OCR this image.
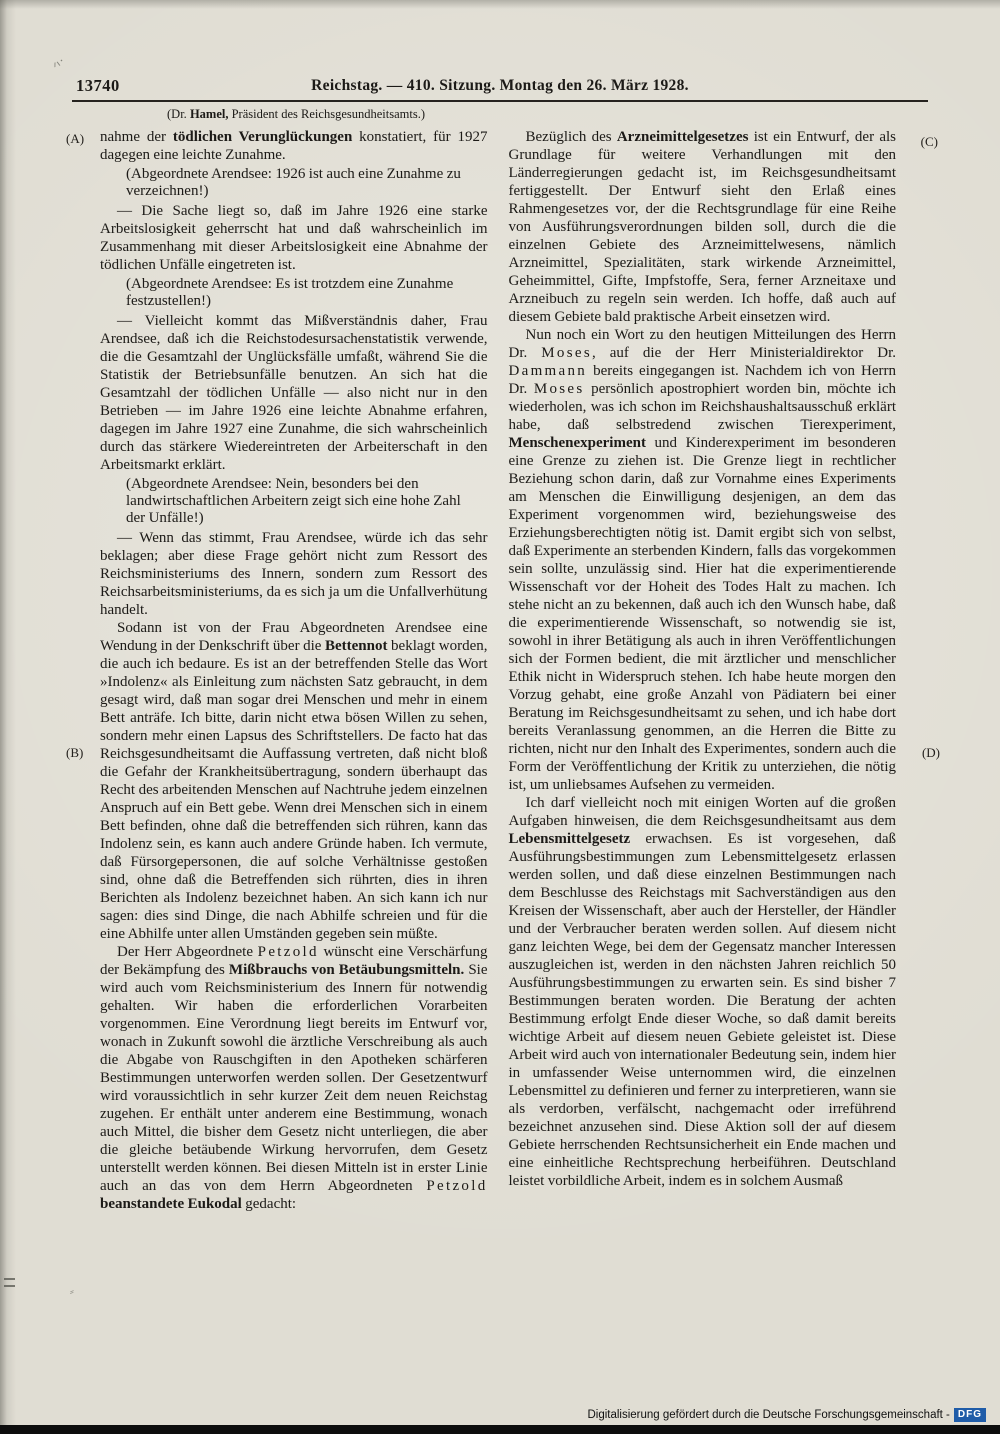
13740	Reichstag. — 410. Sitzung. Montag den 26. März 1928.
(Dr. Hamel, Präsident des Reichsgesundheitsamts.)
(A)
(B)
(C)
(D)

nahme der tödlichen Verunglückungen konstatiert, für 1927 dagegen eine leichte Zunahme.

(Abgeordnete Arendsee: 1926 ist auch eine Zunahme zu verzeichnen!)

— Die Sache liegt so, daß im Jahre 1926 eine starke Arbeitslosigkeit geherrscht hat und daß wahrscheinlich im Zusammenhang mit dieser Arbeitslosigkeit eine Abnahme der tödlichen Unfälle eingetreten ist.

(Abgeordnete Arendsee: Es ist trotzdem eine Zunahme festzustellen!)

— Vielleicht kommt das Mißverständnis daher, Frau Arendsee, daß ich die Reichstodesursachenstatistik verwende, die die Gesamtzahl der Unglücksfälle umfaßt, während Sie die Statistik der Betriebsunfälle benutzen. An sich hat die Gesamtzahl der tödlichen Unfälle — also nicht nur in den Betrieben — im Jahre 1926 eine leichte Abnahme erfahren, dagegen im Jahre 1927 eine Zunahme, die sich wahrscheinlich durch das stärkere Wiedereintreten der Arbeiterschaft in den Arbeitsmarkt erklärt.

(Abgeordnete Arendsee: Nein, besonders bei den landwirtschaftlichen Arbeitern zeigt sich eine hohe Zahl der Unfälle!)

— Wenn das stimmt, Frau Arendsee, würde ich das sehr beklagen; aber diese Frage gehört nicht zum Ressort des Reichsministeriums des Innern, sondern zum Ressort des Reichsarbeitsministeriums, da es sich ja um die Unfallverhütung handelt.

Sodann ist von der Frau Abgeordneten Arendsee eine Wendung in der Denkschrift über die Bettennot beklagt worden, die auch ich bedaure. Es ist an der betreffenden Stelle das Wort »Indolenz« als Einleitung zum nächsten Satz gebraucht, in dem gesagt wird, daß man sogar drei Menschen und mehr in einem Bett anträfe. Ich bitte, darin nicht etwa bösen Willen zu sehen, sondern mehr einen Lapsus des Schriftstellers. De facto hat das Reichsgesundheitsamt die Auffassung vertreten, daß nicht bloß die Gefahr der Krankheitsübertragung, sondern überhaupt das Recht des arbeitenden Menschen auf Nachtruhe jedem einzelnen Anspruch auf ein Bett gebe. Wenn drei Menschen sich in einem Bett befinden, ohne daß die betreffenden sich rühren, kann das Indolenz sein, es kann auch andere Gründe haben. Ich vermute, daß Fürsorgepersonen, die auf solche Verhältnisse gestoßen sind, ohne daß die Betreffenden sich rührten, dies in ihren Berichten als Indolenz bezeichnet haben. An sich kann ich nur sagen: dies sind Dinge, die nach Abhilfe schreien und für die eine Abhilfe unter allen Umständen gegeben sein müßte.

Der Herr Abgeordnete Petzold wünscht eine Verschärfung der Bekämpfung des Mißbrauchs von Betäubungsmitteln. Sie wird auch vom Reichsministerium des Innern für notwendig gehalten. Wir haben die erforderlichen Vorarbeiten vorgenommen. Eine Verordnung liegt bereits im Entwurf vor, wonach in Zukunft sowohl die ärztliche Verschreibung als auch die Abgabe von Rauschgiften in den Apotheken schärferen Bestimmungen unterworfen werden sollen. Der Gesetzentwurf wird voraussichtlich in sehr kurzer Zeit dem neuen Reichstag zugehen. Er enthält unter anderem eine Bestimmung, wonach auch Mittel, die bisher dem Gesetz nicht unterliegen, die aber die gleiche betäubende Wirkung hervorrufen, dem Gesetz unterstellt werden können. Bei diesen Mitteln ist in erster Linie auch an das von dem Herrn Abgeordneten Petzold beanstandete Eukodal gedacht:

Bezüglich des Arzneimittelgesetzes ist ein Entwurf, der als Grundlage für weitere Verhandlungen mit den Länderregierungen gedacht ist, im Reichsgesundheitsamt fertiggestellt. Der Entwurf sieht den Erlaß eines Rahmengesetzes vor, der die Rechtsgrundlage für eine Reihe von Ausführungsverordnungen bilden soll, durch die die einzelnen Gebiete des Arzneimittelwesens, nämlich Arzneimittel, Spezialitäten, stark wirkende Arzneimittel, Geheimmittel, Gifte, Impfstoffe, Sera, ferner Arzneitaxe und Arzneibuch zu regeln sein werden. Ich hoffe, daß auch auf diesem Gebiete bald praktische Arbeit einsetzen wird.

Nun noch ein Wort zu den heutigen Mitteilungen des Herrn Dr. Moses, auf die der Herr Ministerialdirektor Dr. Dammann bereits eingegangen ist. Nachdem ich von Herrn Dr. Moses persönlich apostrophiert worden bin, möchte ich wiederholen, was ich schon im Reichshaushaltsausschuß erklärt habe, daß selbstredend zwischen Tierexperiment, Menschenexperiment und Kinderexperiment im besonderen eine Grenze zu ziehen ist. Die Grenze liegt in rechtlicher Beziehung schon darin, daß zur Vornahme eines Experiments am Menschen die Einwilligung desjenigen, an dem das Experiment vorgenommen wird, beziehungsweise des Erziehungsberechtigten nötig ist. Damit ergibt sich von selbst, daß Experimente an sterbenden Kindern, falls das vorgekommen sein sollte, unzulässig sind. Hier hat die experimentierende Wissenschaft vor der Hoheit des Todes Halt zu machen. Ich stehe nicht an zu bekennen, daß auch ich den Wunsch habe, daß die experimentierende Wissenschaft, so notwendig sie ist, sowohl in ihrer Betätigung als auch in ihren Veröffentlichungen sich der Formen bedient, die mit ärztlicher und menschlicher Ethik nicht in Widerspruch stehen. Ich habe heute morgen den Vorzug gehabt, eine große Anzahl von Pädiatern bei einer Beratung im Reichsgesundheitsamt zu sehen, und ich habe dort bereits Veranlassung genommen, an die Herren die Bitte zu richten, nicht nur den Inhalt des Experimentes, sondern auch die Form der Veröffentlichung der Kritik zu unterziehen, die nötig ist, um unliebsames Aufsehen zu vermeiden.

Ich darf vielleicht noch mit einigen Worten auf die großen Aufgaben hinweisen, die dem Reichsgesundheitsamt aus dem Lebensmittelgesetz erwachsen. Es ist vorgesehen, daß Ausführungsbestimmungen zum Lebensmittelgesetz erlassen werden sollen, und daß diese einzelnen Bestimmungen nach dem Beschlusse des Reichstags mit Sachverständigen aus den Kreisen der Wissenschaft, aber auch der Hersteller, der Händler und der Verbraucher beraten werden sollen. Auf diesem nicht ganz leichten Wege, bei dem der Gegensatz mancher Interessen auszugleichen ist, werden in den nächsten Jahren reichlich 50 Ausführungsbestimmungen zu erwarten sein. Es sind bisher 7 Bestimmungen beraten worden. Die Beratung der achten Bestimmung erfolgt Ende dieser Woche, so daß damit bereits wichtige Arbeit auf diesem neuen Gebiete geleistet ist. Diese Arbeit wird auch von internationaler Bedeutung sein, indem hier in umfassender Weise unternommen wird, die einzelnen Lebensmittel zu definieren und ferner zu interpretieren, wann sie als verdorben, verfälscht, nachgemacht oder irreführend bezeichnet anzusehen sind. Diese Aktion soll der auf diesem Gebiete herrschenden Rechtsunsicherheit ein Ende machen und eine einheitliche Rechtsprechung herbeiführen. Deutschland leistet vorbildliche Arbeit, indem es in solchem Ausmaß

៸៶·
⸗
Digitalisierung gefördert durch die Deutsche Forschungsgemeinschaft - DFG
